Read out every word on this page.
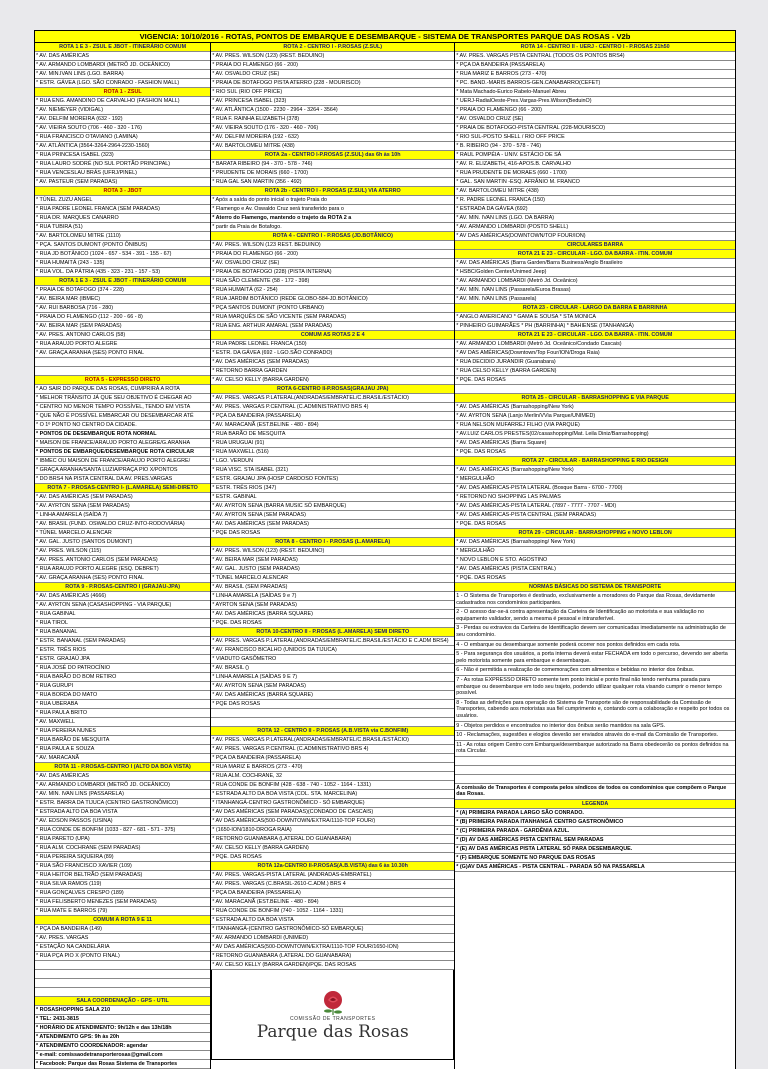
VIGENCIA: 10/10/2016 - ROTAS, PONTOS DE EMBARQUE E DESEMBARQUE - SISTEMA DE TRANSPORTES PARQUE DAS ROSAS - V2b
ROTA 1 E 3 - ZSUL E JBOT - ITINERÁRIO COMUM
* AV. DAS AMÉRICAS
* AV. ARMANDO LOMBARDI (METRÔ JD. OCEÂNICO)
* AV. MIN.IVAN LINS (LGO. BARRA)
* ESTR. GÁVEA (LGO. SÃO CONRADO - FASHION MALL)
ROTA 1 - ZSUL
* RUA ENG. AMANDINO DE CARVALHO (FASHION MALL)
* AV. NIEMEYER (VIDIGAL)
* AV. DELFIM MOREIRA (632 - 192)
* AV. VIEIRA SOUTO (706 - 460 - 320 - 176)
* RUA FRANCISCO OTAVIANO (LAMINA)
* AV. ATLÂNTICA (3564-3264-2964-2230-1560)
* RUA PRINCESA ISABEL (323)
* RUA LAURO SODRÉ (NO SUL PORTÃO PRINCIPAL)
* RUA VENCESLAU BRÁS (UFRJ/PINEL)
* AV. PASTEUR (SEM PARADAS)
ROTA 3 - JBOT
* TÚNEL ZUZU ANGEL
* RUA PADRE LEONEL FRANCA (SEM PARADAS)
* RUA DR. MARQUES CANARRO
* RUA TUBIRA (51)
* AV. BARTOLOMEU MITRE (1110)
* PÇA. SANTOS DUMONT (PONTO ÔNIBUS)
* RUA JD BOTÂNICO (1024 - 657 - 534 - 391 - 155 - 67)
* RUA HUMAITÁ (243 - 135)
* RUA VOL. DA PÁTRIA (435 - 323 - 231 - 157 - 53)
ROTA 1 E 3 - ZSUL E JBOT - ITINERÁRIO COMUM
* PRAIA DE BOTAFOGO (374 - 228)
* AV. BEIRA MAR (IBMEC)
* AV. RUI BARBOSA (716 - 280)
* PRAIA DO FLAMENGO (112 - 200 - 66 - 8)
* AV. BEIRA MAR (SEM PARADAS)
* AV. PRES. ANTONIO CARLOS (58)
* RUA ARAUJO PORTO ALEGRE
* AV. GRAÇA ARANHA (SES) PONTO FINAL
ROTA 5 - EXPRESSO DIRETO
* AO SAIR DO PARQUE DAS ROSAS, CUMPRIRÁ A ROTA
* MELHOR TRÂNSITO JÁ QUE SEU OBJETIVO É CHEGAR AO
* CENTRO NO MENOR TEMPO POSSÍVEL, TENDO EM VISTA
* QUE NÃO É POSSÍVEL EMBARCAR OU DESEMBARCAR ATÉ
* O 1º PONTO NO CENTRO DA CIDADE.
* PONTOS DE DESEMBARQUE ROTA NORMAL
* MAISON DE FRANCE/ARAUJO PORTO ALEGRE/G.ARANHA
* PONTOS DE EMBARQUE/DESEMBARQUE ROTA CIRCULAR
* IBMEC OU MAISON DE FRANCE/ARAUJO PORTO ALEGRE/
* GRAÇA ARANHA/SANTA LUZIA/PRAÇA PIO X/PONTOS
* DO BRS4 NA PISTA CENTRAL DA AV. PRES.VARGAS
ROTA 7 - P.ROSAS-CENTRO I- (L.AMARELA) SEMI-DIRETO
* AV. DAS AMÉRICAS (SEM PARADAS)
* AV. AYRTON SENA (SEM PARADAS)
* LINHA AMARELA (SAÍDA 7)
* AV. BRASIL (FUND. OSWALDO CRUZ-INTO-RODOVIÁRIA)
* TÚNEL MARCELO ALENCAR
* AV. GAL. JUSTO (SANTOS DUMONT)
* AV. PRES. WILSON (115)
* AV. PRES. ANTONIO CARLOS (SEM PARADAS)
* RUA ARAUJO PORTO ALEGRE (ESQ. DEBRET)
* AV. GRAÇA ARANHA (SES) PONTO FINAL
ROTA 9 - P.ROSAS-CENTRO I (GRAJAU-JPA)
* AV. DAS AMÉRICAS (4666)
* AV. AYRTON SENA (CASASHOPPING - VIA PARQUE)
* RUA GABINAL
* RUA TIROL
* RUA BANANAL
* ESTR. BANANAL (SEM PARADAS)
* ESTR. TRÊS RIOS
* ESTR. GRAJAÚ JPA
* RUA JOSÉ DO PATROCÍNIO
* RUA BARÃO DO BOM RETIRO
* RUA GURUPI
* RUA BORDA DO MATO
* RUA UBERABA
* RUA PAULA BRITO
* AV. MAXWELL
* RUA PEREIRA NUNES
* RUA BARÃO DE MESQUITA
* RUA PAULA E SOUZA
* AV. MARACANÃ
ROTA 11 - P.ROSAS-CENTRO I (ALTO DA BOA VISTA)
* AV. DAS AMÉRICAS
* AV. ARMANDO LOMBARDI (METRÔ JD. OCEÂNICO)
* AV. MIN. IVAN LINS (PASSARELA)
* ESTR. BARRA DA TIJUCA (CENTRO GASTRONÔMICO)
* ESTRADA ALTO DA BOA VISTA
* AV. EDSON PASSOS (USINA)
* RUA CONDE DE BONFIM (1033 - 827 - 681 - 571 - 375)
* RUA PARETO (UPA)
* RUA ALM. COCHRANE (SEM PARADAS)
* RUA PEREIRA SIQUEIRA (89)
* RUA SÃO FRANCISCO XAVIER (109)
* RUA HEITOR BELTRÃO (SEM PARADAS)
* RUA SILVA RAMOS (119)
* RUA GONÇALVES CRESPO (189)
* RUA FELISBERTO MENEZES (SEM PARADAS)
* RUA MATE E BARROS (79)
COMUM A ROTA 9 E 11
* PÇA DA BANDEIRA (149)
* AV. PRES. VARGAS
* ESTAÇÃO NA CANDELÁRIA
* RUA PÇA PIO X (PONTO FINAL)
SALA COORDENAÇÃO - GPS - UTIL
* ROSASHOPPING SALA 210
* TEL: 2431-3815
* HORÁRIO DE ATENDIMENTO: 9h/12h e das 13h/18h
* ATENDIMENTO GPS: 9h às 20h
* ATENDIMENTO COORDENADOR: agendar
* e-mail: comissaodetransporterosas@gmail.com
* Facebook: Parque das Rosas Sistema de Transportes
ROTA 2 - CENTRO I - P.ROSAS (Z.SUL)
* AV. PRES. WILSON (123) (REST. BEDUINO)
* PRAIA DO FLAMENGO (66 - 200)
* AV. OSVALDO CRUZ (SE)
* PRAIA DE BOTAFOGO PISTA ATERRO (228 - MOURISCO)
* RIO SUL (RIO OFF PRICE)
* AV. PRINCESA ISABEL (323)
* AV. ATLÂNTICA (1500 - 2230 - 2964 - 3264 - 3564)
* RUA F. RAINHA ELIZABETH (378)
* AV. VIEIRA SOUTO (176 - 320 - 460 - 706)
* AV. DELFIM MOREIRA (192 - 632)
* AV. BARTOLOMEU MITRE (438)
ROTA 2a - CENTRO I-P.ROSAS (Z.SUL) das 6h às 10h
* BARATA RIBEIRO (94 - 370 - 578 - 746)
* PRUDENTE DE MORAIS (660 - 1700)
* RUA GAL SAN MARTIN (356 - 492)
ROTA 2b - CENTRO I - P.ROSAS (Z.SUL) VIA ATERRO
* Após a saída do ponto inicial o trajeto Praia do
* Flamengo e Av. Oswaldo Cruz será transferido para o
* Aterro do Flamengo, mantendo o trajeto da ROTA 2 a
* partir da Praia de Botafogo.
ROTA 4 - CENTRO I - P.ROSAS (JD.BOTÂNICO)
* AV. PRES. WILSON (123 REST. BEDUINO)
* PRAIA DO FLAMENGO (66 - 200)
* AV. OSVALDO CRUZ (SE)
* PRAIA DE BOTAFOGO (228) (PISTA INTERNA)
* RUA SÃO CLEMENTE (58 - 172 - 398)
* RUA HUMAITÁ (62 - 254)
* RUA JARDIM BOTÂNICO (REDE GLOBO-584-JD.BOTÂNICO)
* PÇA SANTOS DUMONT (PONTO URBANO)
* RUA MARQUÊS DE SÃO VICENTE (SEM PARADAS)
* RUA ENG. ARTHUR AMARAL (SEM PARADAS)
COMUM AS ROTAS 2 E 4
* RUA PADRE LEONEL FRANCA (150)
* ESTR. DA GÁVEA (692 - LGO.SÃO CONRADO)
* AV. DAS AMÉRICAS (SEM PARADAS)
* RETORNO BARRA GARDEN
* AV. CELSO KELLY (BARRA GARDEN)
ROTA 6-CENTRO II-P.ROSAS(GRAJAU JPA)
* AV. PRES. VARGAS P.LATERAL(ANDRADAS/EMBRATEL/C.BRASIL/ESTÁCIO)
* AV. PRES. VARGAS P.CENTRAL (C.ADMINISTRATIVO BRS 4)
* PÇA DA BANDEIRA (PASSARELA)
* AV. MARACANÃ (EST.BELINE - 480 - 894)
* RUA BARÃO DE MESQUITA
* RUA URUGUAI (91)
* RUA MAXWELL (516)
* LGO. VERDUN
* RUA VISC. STA ISABEL (321)
* ESTR. GRAJAU JPA (HOSP CARDOSO FONTES)
* ESTR. TRÊS RIOS (347)
* ESTR. GABINAL
* AV. AYRTON SENA (BARRA MUSIC SÓ EMBARQUE)
* AV. AYRTON SENA (SEM PARADAS)
* AV. DAS AMÉRICAS (SEM PARADAS)
* PQE DAS ROSAS
ROTA 8 - CENTRO I - P.ROSAS (L.AMARELA)
* AV. PRES. WILSON (123) (REST. BEDUINO)
* AV. BEIRA MAR (SEM PARADAS)
* AV. GAL. JUSTO (SEM PARADAS)
* TÚNEL MARCELO ALENCAR
* AV. BRASIL (SEM PARADAS)
* LINHA AMARELA (SAÍDAS 9 e 7)
* AYRTON SENA (SEM PARADAS)
* AV. DAS AMÉRICAS (BARRA SQUARE)
* PQE. DAS ROSAS
ROTA 10-CENTRO II - P.ROSAS (L.AMARELA) SEMI DIRETO
* AV. PRES. VARGAS P.LATERAL(ANDRADAS/EMBRATEL/C.BRASIL/ESTÁCIO E C.ADM BRS4)
* AV. FRANCISCO BICALHO (UNIDOS DA TIJUCA)
* VIADUTO GASÔMETRO
* AV. BRASIL ()
* LINHA AMARELA (SAÍDAS 9 E 7)
* AV. AYRTON SENA (SEM PARADAS)
* AV. DAS AMÉRICAS (BARRA SQUARE)
* PQE DAS ROSAS
ROTA 12 - CENTRO II - P.ROSAS (A.B.VISTA via C.BONFIM)
* AV. PRES. VARGAS P.LATERAL(ANDRADAS/EMBRATEL/C.BRASIL/ESTÁCIO)
* AV. PRES. VARGAS P.CENTRAL (C.ADMINISTRATIVO BRS 4)
* PÇA DA BANDEIRA (PASSARELA)
* RUA MARIZ E BARROS (273 - 470)
* RUA ALM. COCHRANE, 32
* RUA CONDE DE BONFIM (428 - 638 - 740 - 1052 - 1164 - 1331)
* ESTRADA ALTO DA BOA VISTA (COL. STA. MARCELINA)
* ITANHANGÁ-CENTRO GASTRONÔMICO - SÓ EMBARQUE)
* AV DAS AMÉRICAS (SEM PARADAS)(CONDADO DE CASCAIS)
* AV DAS AMÉRICAS(500-DOWNTOWN/EXTRA/1110-TOP FOUR/)
* (1650-ION/1810-DROGA RAIA)
* RETORNO GUANABARA (LATERAL DO GUANABARA)
* AV. CELSO KELLY (BARRA GARDEN)
* PQE. DAS ROSAS
ROTA 12a-CENTRO II-P.ROSAS(A.B.VISTA) das 6 às 10.30h
* AV. PRES. VARGAS-PISTA LATERAL (ANDRADAS-EMBRATEL)
* AV. PRES. VARGAS (C.BRASIL-2610-C.ADM.) BRS 4
* PÇA DA BANDEIRA (PASSARELA)
* AV. MARACANÃ (EST.BELINE - 480 - 894)
* RUA CONDE DE BONFIM (740 - 1052 - 1164 - 1331)
* ESTRADA ALTO DA BOA VISTA
* ITANHANGÁ-(CENTRO GASTRONÔMICO-SÓ EMBARQUE)
* AV. ARMANDO LOMBARDI (UNIMED)
* AV DAS AMÉRICAS(500-DOWNTOWN/EXTRA/1110-TOP FOUR/1650-ION)
* RETORNO GUANABARA (LATERAL DO GUANABARA)
* AV. CELSO KELLY (BARRA GARDEN)/PQE. DAS ROSAS
COMISSÃO DE TRANSPORTES
Parque das Rosas
ROTA 14 - CENTRO II - UERJ - CENTRO I - P.ROSAS 21h50
* AV. PRES. VARGAS PISTA CENTRAL (TODOS OS PONTOS BRS4)
* PÇA DA BANDEIRA (PASSARELA)
* RUA MARIZ E BARROS (273 - 470)
* PC. BAND.-MARIS BARROS-GEN.CANABARRO(CEFET)
* Mata Machado-Eurico Rabelo-Manuel Abreu
* UERJ-RadialOeste-Pres.Vargas-Pres.Wilson(BeduinO)
* PRAIA DO FLAMENGO (66 - 200)
* AV. OSVALDO CRUZ (SE)
* PRAIA DE BOTAFOGO-PISTA CENTRAL (228-MOURISCO)
* RIO SUL-POSTO SHELL / RIO OFF PRICE
* B. RIBEIRO (94 - 370 - 578 - 746)
* RAUL POMPÉIA - UNIV. ESTÁCIO DE SÁ
* AV. R. ELIZABETH, 416-APOS.B. CARVALHO
* RUA PRUDENTE DE MORAES (660 - 1700)
* GAL. SAN MARTIN -ESQ. AFRÂNIO M. FRANCO
* AV. BARTOLOMEU MITRE (438)
* R. PADRE LEONEL FRANCA (150)
* ESTRADA DA GÁVEA (692)
* AV. MIN. IVAN LINS (LGO. DA BARRA)
* AV. ARMANDO LOMBARDI (POSTO SHELL)
* AV DAS AMÉRICAS(DOWNTOWN/TOP FOUR/ION)
CIRCULARES BARRA
ROTA 21 E 23 - CIRCULAR - LGO. DA BARRA - ITIN. COMUM
* AV. DAS AMÉRICAS (Barra Garden/Barra Business/Anglo Brasileiro
* HSBC/Golden Center/Unimed Jeep)
* AV. ARMANDO LOMBARDI (Metrô Jd. Oceânico)
* AV. MIN. IVAN LINS (Passarela/Euroa Brasas)
* AV. MIN. IVAN LINS (Passarela)
ROTA 23 - CIRCULAR - LARGO DA BARRA E BARRINHA
* ANGLO AMERICANO * GAMA E SOUSA * STA MONICA
* PINHEIRO GUIMARÃES * PH (BARRINHA) * BAHIENSE (ITANHANGÁ)
ROTA 21 E 23 - CIRCULAR - LGO. DA BARRA - ITIN. COMUM
* AV. ARMANDO LOMBARDI (Metrô Jd. Oceânico/Condado Cascais)
* AV DAS AMÉRICAS(Downtown/Top Four/ION/Droga Raia)
* RUA DECIDIO JURANDIR (Guanabara)
* RUA CELSO KELLY (BARRA GARDEN)
* PQE. DAS ROSAS
ROTA 25 - CIRCULAR - BARRASHOPPING E VIA PARQUE
* AV. DAS AMÉRICAS (Barrashopping/New York)
* AV. AYRTON SENA (Lanjo Merlin/VVia Parque/UNIMED)
* RUA NELSON MUFARREJ FILHO (VIA PARQUE)
* AV.LUIZ CARLOS PRESTES(02/casashopping/Mat. Leila Diniz/Barrashopping)
* AV. DAS AMÉRICAS (Barra Square)
* PQE. DAS ROSAS
ROTA 27 - CIRCULAR - BARRASHOPPING E RIO DESIGN
* AV. DAS AMÉRICAS (Barrashopping/New York)
* MERGULHÃO
* AV. DAS AMÉRICAS-PISTA LATERAL (Bosque Barra - 6700 - 7700)
* RETORNO NO SHOPPING LAS PALMAS
* AV. DAS AMÉRICAS-PISTA LATERAL (7897 - 7777 - 7707 - MDI)
* AV. DAS AMÉRICAS-PISTA CENTRAL (SEM PARADAS)
* PQE. DAS ROSAS
ROTA 29 - CIRCULAR - BARRASHOPPING e NOVO LEBLON
* AV. DAS AMÉRICAS (Barrashopping/ New York)
* MERGULHÃO
* NOVO LEBLON E STO. AGOSTINO
* AV. DAS AMÉRICAS (PISTA CENTRAL)
* PQE. DAS ROSAS
NORMAS BÁSICAS DO SISTEMA DE TRANSPORTE
1 - O Sistema de Transportes é destinado, exclusivamente a moradores do Parque das Rosas, devidamente cadastrados nos condomínios participantes.
2 - O acesso dar-se-á contra apresentação da Carteira de Identificação ao motorista e sua validação no equipamento validador, sendo a mesma é pessoal e intransferível.
3 - Perdas ou extravios da Carteira de Identificação devem ser comunicadas imediatamente na administração de seu condomínio.
4 - O embarque ou desembarque somente poderá ocorrer nos pontos definidos em cada rota.
5 - Para segurança dos usuários, a porta interna deverá estar FECHADA em todo o percurso, devendo ser aberta pelo motorista somente para embarque e desembarque.
6 - Não é permitida a realização de comemorações com alimentos e bebidas no interior dos ônibus.
7 - As rotas EXPRESSO DIRETO somente tem ponto inicial e ponto final não tendo nenhuma parada para embarque ou desembarque em todo seu trajeto, podendo utilizar qualquer rota visando cumprir o menor tempo possível.
8 - Todas as definições para operação do Sistema de Transporte são de responsabilidade da Comissão de Transportes, cabendo aos motoristas sua fiel cumprimento e, contando com a colaboração e respeito por todos os usuários.
9 - Objetos perdidos e encontrados no interior dos ônibus serão mantidos na sala GPS.
10 - Reclamações, sugestões e elogios deverão ser enviados através do e-mail da Comissão de Transportes.
11 - As rotas origem Centro com Embarque/desembarque autorizado na Barra obedecerão os pontos definidos na rota Circular.
A comissão de Transportes é composta pelos síndicos de todos os condomínios que compõem o Parque das Rosas.
LEGENDA
* (A) PRIMEIRA PARADA LARGO SÃO CONRADO.
* (B) PRIMEIRA PARADA ITANHANGÁ CENTRO GASTRONÔMICO
* (C) PRIMEIRA PARADA - GARDÊNIA AZUL.
* (D) AV DAS AMÉRICAS PISTA CENTRAL SEM PARADAS
* (E) AV DAS AMÉRICAS PISTA LATERAL SÓ PARA DESEMBARQUE.
* (F) EMBARQUE SOMENTE NO PARQUE DAS ROSAS
* (G)AV DAS AMÉRICAS - PISTA CENTRAL - PARADA SÓ NA PASSARELA
